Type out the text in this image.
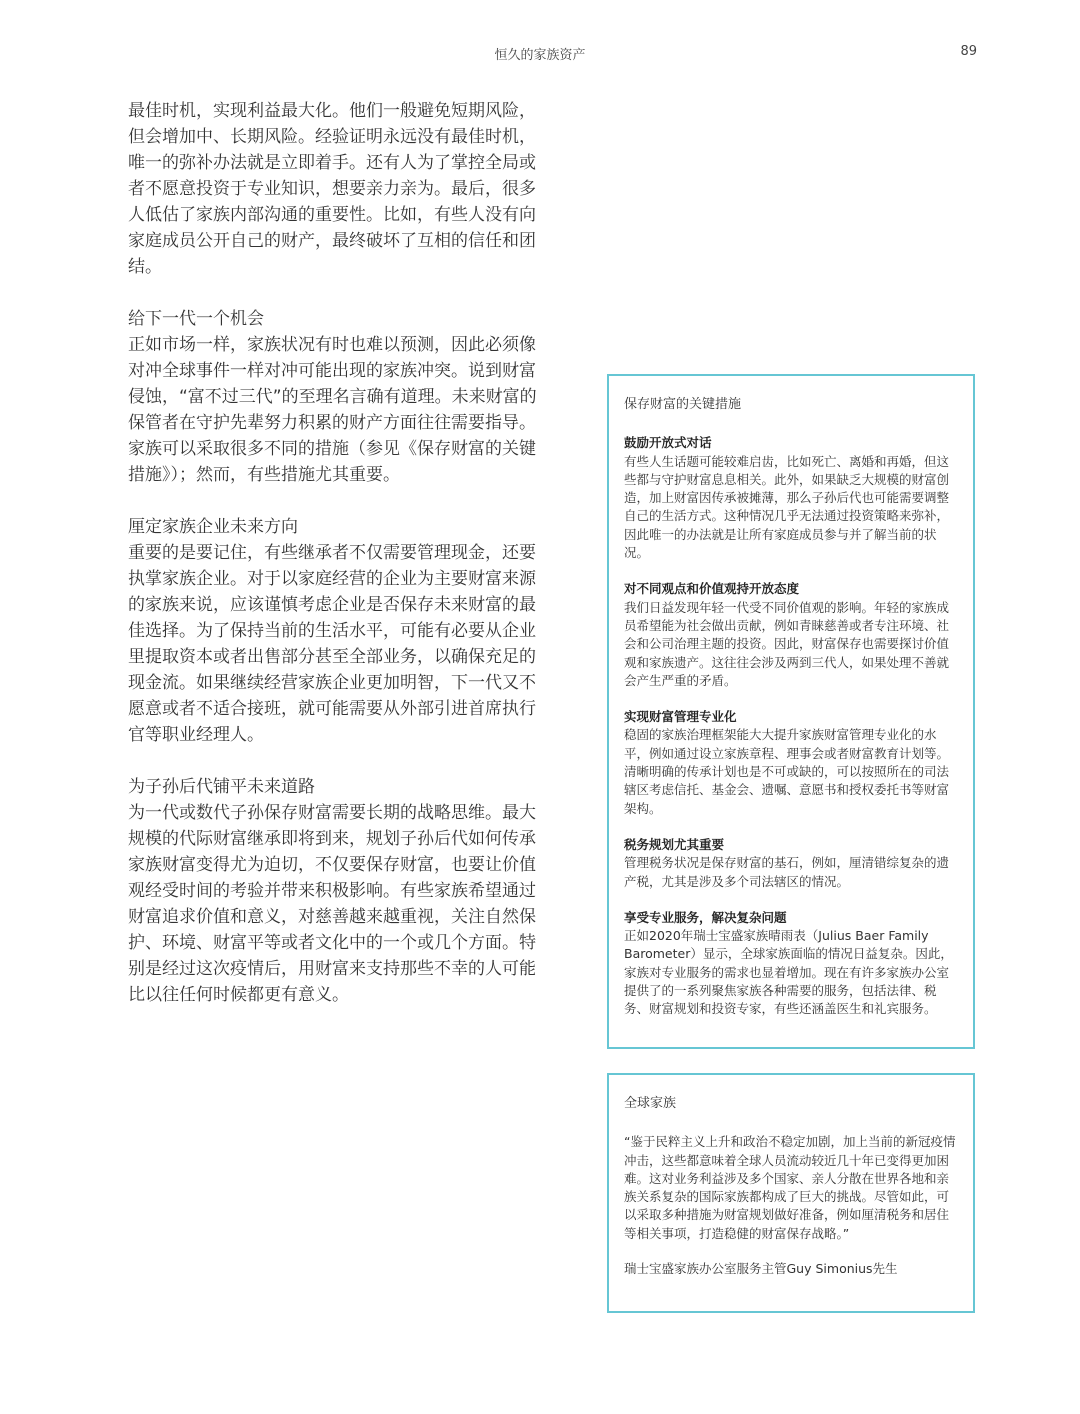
恒久的家族资产	89

最佳时机，实现利益最大化。他们一般避免短期风险，但会增加中、长期风险。经验证明永远没有最佳时机，唯一的弥补办法就是立即着手。还有人为了掌控全局或者不愿意投资于专业知识，想要亲力亲为。最后，很多人低估了家族内部沟通的重要性。比如，有些人没有向家庭成员公开自己的财产，最终破坏了互相的信任和团结。

给下一代一个机会

正如市场一样，家族状况有时也难以预测，因此必须像对冲全球事件一样对冲可能出现的家族冲突。说到财富侵蚀，“富不过三代”的至理名言确有道理。未来财富的保管者在守护先辈努力积累的财产方面往往需要指导。家族可以采取很多不同的措施（参见《保存财富的关键措施》）；然而，有些措施尤其重要。

厘定家族企业未来方向

重要的是要记住，有些继承者不仅需要管理现金，还要执掌家族企业。对于以家庭经营的企业为主要财富来源的家族来说，应该谨慎考虑企业是否保存未来财富的最佳选择。为了保持当前的生活水平，可能有必要从企业里提取资本或者出售部分甚至全部业务，以确保充足的现金流。如果继续经营家族企业更加明智，下一代又不愿意或者不适合接班，就可能需要从外部引进首席执行官等职业经理人。

为子孙后代铺平未来道路

为一代或数代子孙保存财富需要长期的战略思维。最大规模的代际财富继承即将到来，规划子孙后代如何传承家族财富变得尤为迫切，不仅要保存财富，也要让价值观经受时间的考验并带来积极影响。有些家族希望通过财富追求价值和意义，对慈善越来越重视，关注自然保护、环境、财富平等或者文化中的一个或几个方面。特别是经过这次疫情后，用财富来支持那些不幸的人可能比以往任何时候都更有意义。

保存财富的关键措施
鼓励开放式对话

有些人生话题可能较难启齿，比如死亡、离婚和再婚，但这些都与守护财富息息相关。此外，如果缺乏大规模的财富创造，加上财富因传承被摊薄，那么子孙后代也可能需要调整自己的生活方式。这种情况几乎无法通过投资策略来弥补，因此唯一的办法就是让所有家庭成员参与并了解当前的状况。

对不同观点和价值观持开放态度

我们日益发现年轻一代受不同价值观的影响。年轻的家族成员希望能为社会做出贡献，例如青睐慈善或者专注环境、社会和公司治理主题的投资。因此，财富保存也需要探讨价值观和家族遗产。这往往会涉及两到三代人，如果处理不善就会产生严重的矛盾。

实现财富管理专业化

稳固的家族治理框架能大大提升家族财富管理专业化的水平，例如通过设立家族章程、理事会或者财富教育计划等。清晰明确的传承计划也是不可或缺的，可以按照所在的司法辖区考虑信托、基金会、遗嘱、意愿书和授权委托书等财富架构。

税务规划尤其重要

管理税务状况是保存财富的基石，例如，厘清错综复杂的遗产税，尤其是涉及多个司法辖区的情况。

享受专业服务，解决复杂问题

正如2020年瑞士宝盛家族晴雨表（Julius Baer Family Barometer）显示，全球家族面临的情况日益复杂。因此，家族对专业服务的需求也显着增加。现在有许多家族办公室提供了的一系列聚焦家族各种需要的服务，包括法律、税务、财富规划和投资专家，有些还涵盖医生和礼宾服务。

全球家族

“鉴于民粹主义上升和政治不稳定加剧，加上当前的新冠疫情冲击，这些都意味着全球人员流动较近几十年已变得更加困难。这对业务利益涉及多个国家、亲人分散在世界各地和亲族关系复杂的国际家族都构成了巨大的挑战。尽管如此，可以采取多种措施为财富规划做好准备，例如厘清税务和居住等相关事项，打造稳健的财富保存战略。”

瑞士宝盛家族办公室服务主管Guy Simonius先生
